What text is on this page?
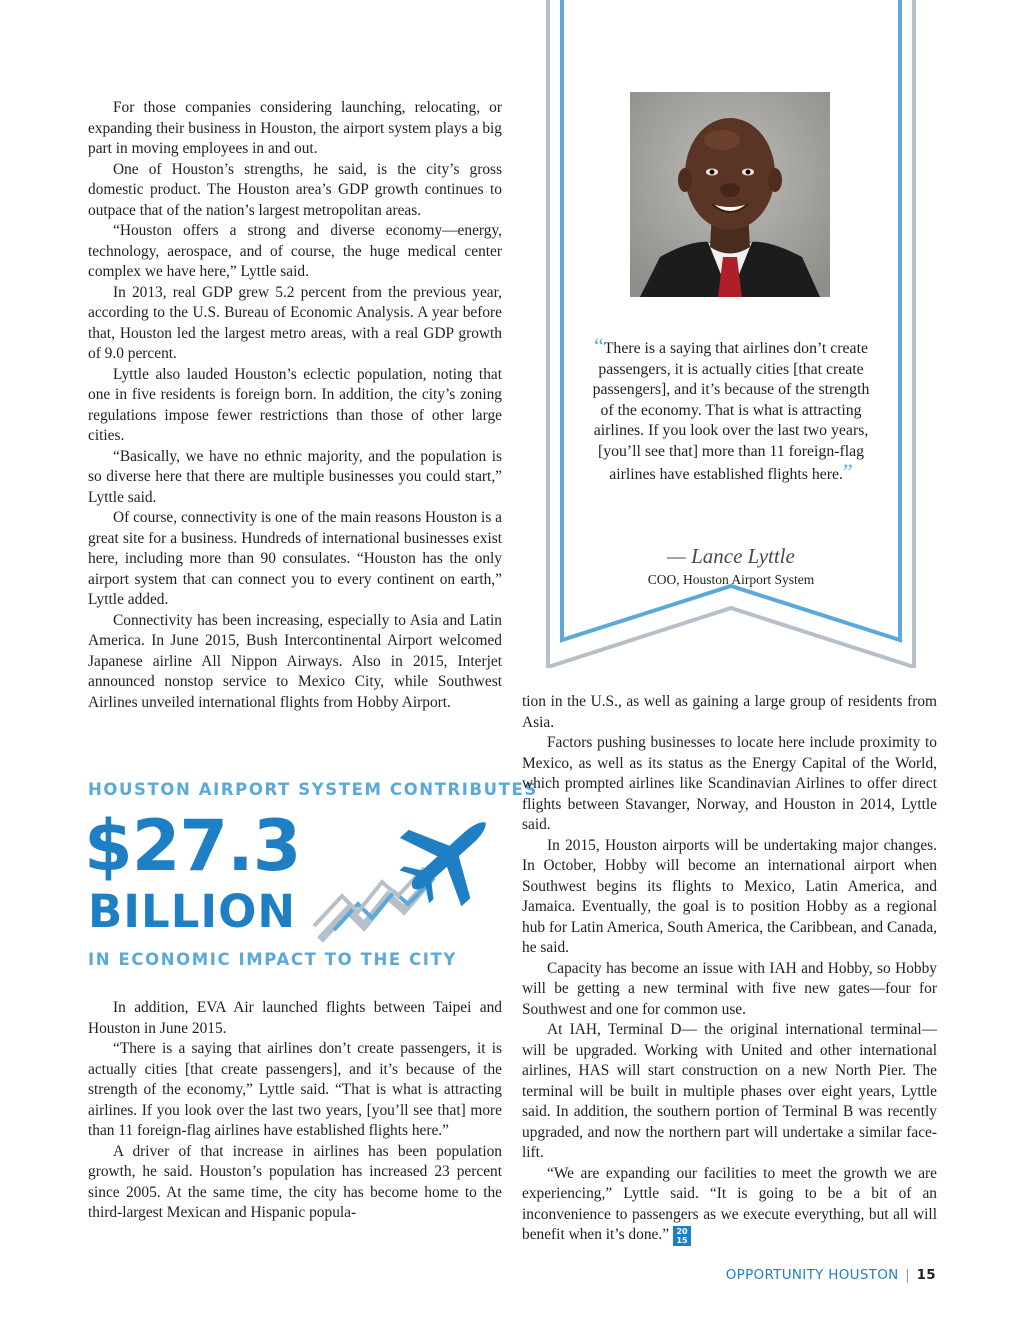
“There is a saying that airlines don’t create passengers, it is actually cities [that create passengers], and it’s because of the strength of the economy. That is what is attracting airlines. If you look over the last two years, [you’ll see that] more than 11 foreign-flag airlines have established flights here.”
— Lance Lyttle
COO, Houston Airport System

For those companies considering launching, relocating, or expanding their business in Houston, the airport system plays a big part in moving employees in and out.

One of Houston’s strengths, he said, is the city’s gross domestic product. The Houston area’s GDP growth continues to outpace that of the nation’s largest metropolitan areas.

“Houston offers a strong and diverse economy—energy, technology, aerospace, and of course, the huge medical center complex we have here,” Lyttle said.

In 2013, real GDP grew 5.2 percent from the previous year, according to the U.S. Bureau of Economic Analysis. A year before that, Houston led the largest metro areas, with a real GDP growth of 9.0 percent.

Lyttle also lauded Houston’s eclectic population, noting that one in five residents is foreign born. In addition, the city’s zoning regulations impose fewer restrictions than those of other large cities.

“Basically, we have no ethnic majority, and the population is so diverse here that there are multiple businesses you could start,” Lyttle said.

Of course, connectivity is one of the main reasons Houston is a great site for a business. Hundreds of international businesses exist here, including more than 90 consulates. “Houston has the only airport system that can connect you to every continent on earth,” Lyttle added.

Connectivity has been increasing, especially to Asia and Latin America. In June 2015, Bush Intercontinental Airport welcomed Japanese airline All Nippon Airways. Also in 2015, Interjet announced nonstop service to Mexico City, while Southwest Airlines unveiled international flights from Hobby Airport.

HOUSTON AIRPORT SYSTEM CONTRIBUTES
$27.3
BILLION
IN ECONOMIC IMPACT TO THE CITY

In addition, EVA Air launched flights between Taipei and Houston in June 2015.

“There is a saying that airlines don’t create passengers, it is actually cities [that create passengers], and it’s because of the strength of the economy,” Lyttle said. “That is what is attracting airlines. If you look over the last two years, [you’ll see that] more than 11 foreign-flag airlines have established flights here.”

A driver of that increase in airlines has been population growth, he said. Houston’s population has increased 23 percent since 2005. At the same time, the city has become home to the third-largest Mexican and Hispanic popula-

tion in the U.S., as well as gaining a large group of residents from Asia.

Factors pushing businesses to locate here include proximity to Mexico, as well as its status as the Energy Capital of the World, which prompted airlines like Scandinavian Airlines to offer direct flights between Stavanger, Norway, and Houston in 2014, Lyttle said.

In 2015, Houston airports will be undertaking major changes. In October, Hobby will become an international airport when Southwest begins its flights to Mexico, Latin America, and Jamaica. Eventually, the goal is to position Hobby as a regional hub for Latin America, South America, the Caribbean, and Canada, he said.

Capacity has become an issue with IAH and Hobby, so Hobby will be getting a new terminal with five new gates—four for Southwest and one for common use.

At IAH, Terminal D— the original international terminal—will be upgraded. Working with United and other international airlines, HAS will start construction on a new North Pier. The terminal will be built in multiple phases over eight years, Lyttle said. In addition, the southern portion of Terminal B was recently upgraded, and now the northern part will undertake a similar face-lift.

“We are expanding our facilities to meet the growth we are experiencing,” Lyttle said. “It is going to be a bit of an inconvenience to passengers as we execute everything, but all will benefit when it’s done.” 20
15

OPPORTUNITY HOUSTON | 15
